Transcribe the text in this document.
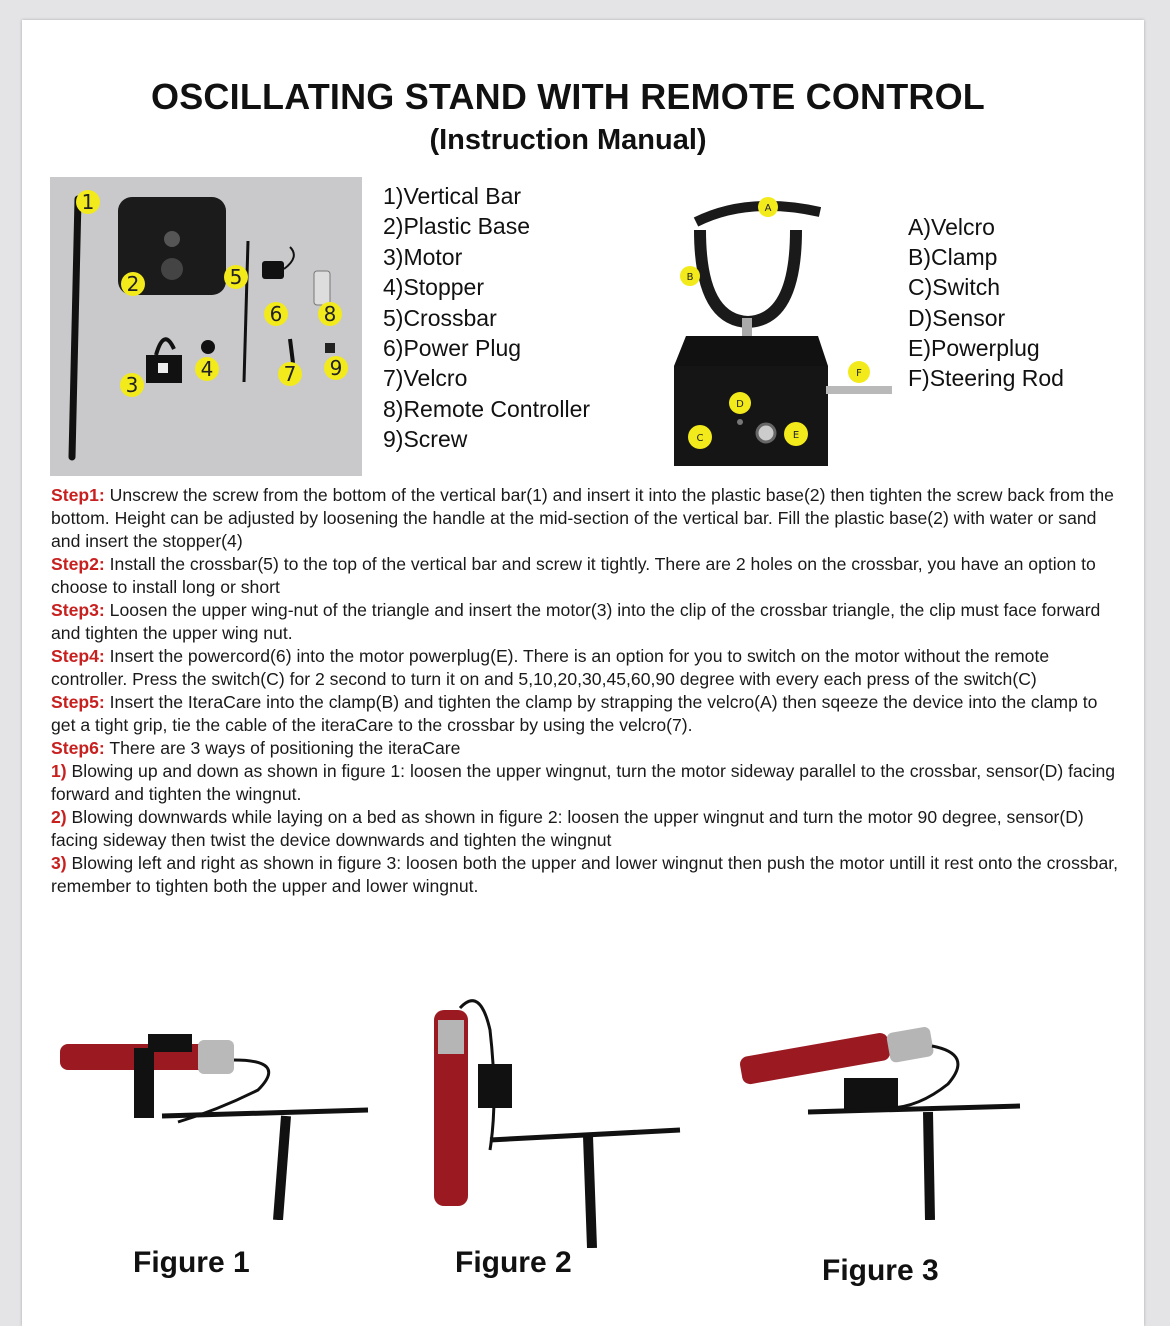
OSCILLATING STAND WITH REMOTE CONTROL
(Instruction Manual)
1
2
3
4
5
6
7
8
9
1)Vertical Bar
2)Plastic Base
3)Motor
4)Stopper
5)Crossbar
6)Power Plug
7)Velcro
8)Remote Controller
9)Screw
A
B
C
D
E
F
A)Velcro
B)Clamp
C)Switch
D)Sensor
E)Powerplug
F)Steering Rod

Step1: Unscrew the screw from the bottom of the vertical bar(1) and insert it into the plastic base(2) then tighten the screw back from the bottom. Height can be adjusted by loosening the handle at the mid-section of the vertical bar. Fill the plastic base(2) with water or sand and insert the stopper(4)

Step2: Install the crossbar(5) to the top of the vertical bar and screw it tightly. There are 2 holes on the crossbar, you have an option to choose to install long or short

Step3: Loosen the upper wing-nut of the triangle and insert the motor(3) into the clip of the crossbar triangle, the clip must face forward and tighten the upper wing nut.

Step4: Insert the powercord(6) into the motor powerplug(E). There is an option for you to switch on the motor without the remote controller. Press the switch(C) for 2 second to turn it on and 5,10,20,30,45,60,90 degree with every each press of the switch(C)

Step5: Insert the IteraCare into the clamp(B) and tighten the clamp by strapping the velcro(A) then sqeeze the device into the clamp to get a tight grip, tie the cable of the iteraCare to the crossbar by using the velcro(7).

Step6: There are 3 ways of positioning the iteraCare

1) Blowing up and down as shown in figure 1: loosen the upper wingnut, turn the motor sideway parallel to the crossbar, sensor(D) facing forward and tighten the wingnut.

2) Blowing downwards while laying on a bed as shown in figure 2: loosen the upper wingnut and turn the motor 90 degree, sensor(D) facing sideway then twist the device downwards and tighten the wingnut

3) Blowing left and right as shown in figure 3: loosen both the upper and lower wingnut then push the motor untill it rest onto the crossbar, remember to tighten both the upper and lower wingnut.

Figure 1	Figure 2	Figure 3
